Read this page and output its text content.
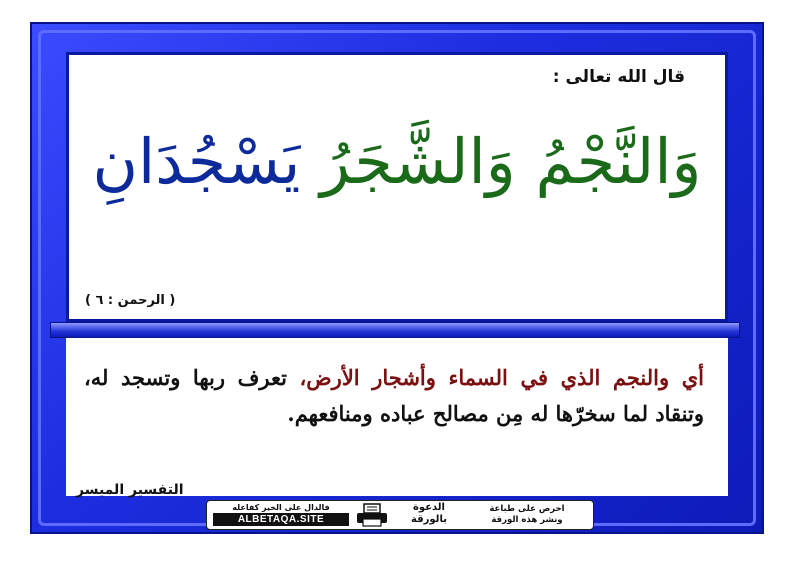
قال الله تعالى :
وَالنَّجْمُ وَالشَّجَرُ يَسْجُدَانِ
( الرحمن : ٦ )
أي والنجم الذي في السماء وأشجار الأرض، تعرف ربها وتسجد له، وتنقاد لما سخرّها له مِن مصالح عباده ومنافعهم.
التفسير الميسر
فالدال على الخير كفاعله
ALBETAQA.SITE
الدعوة
بالورقة
احرص على طباعة
ونشر هذه الورقة
